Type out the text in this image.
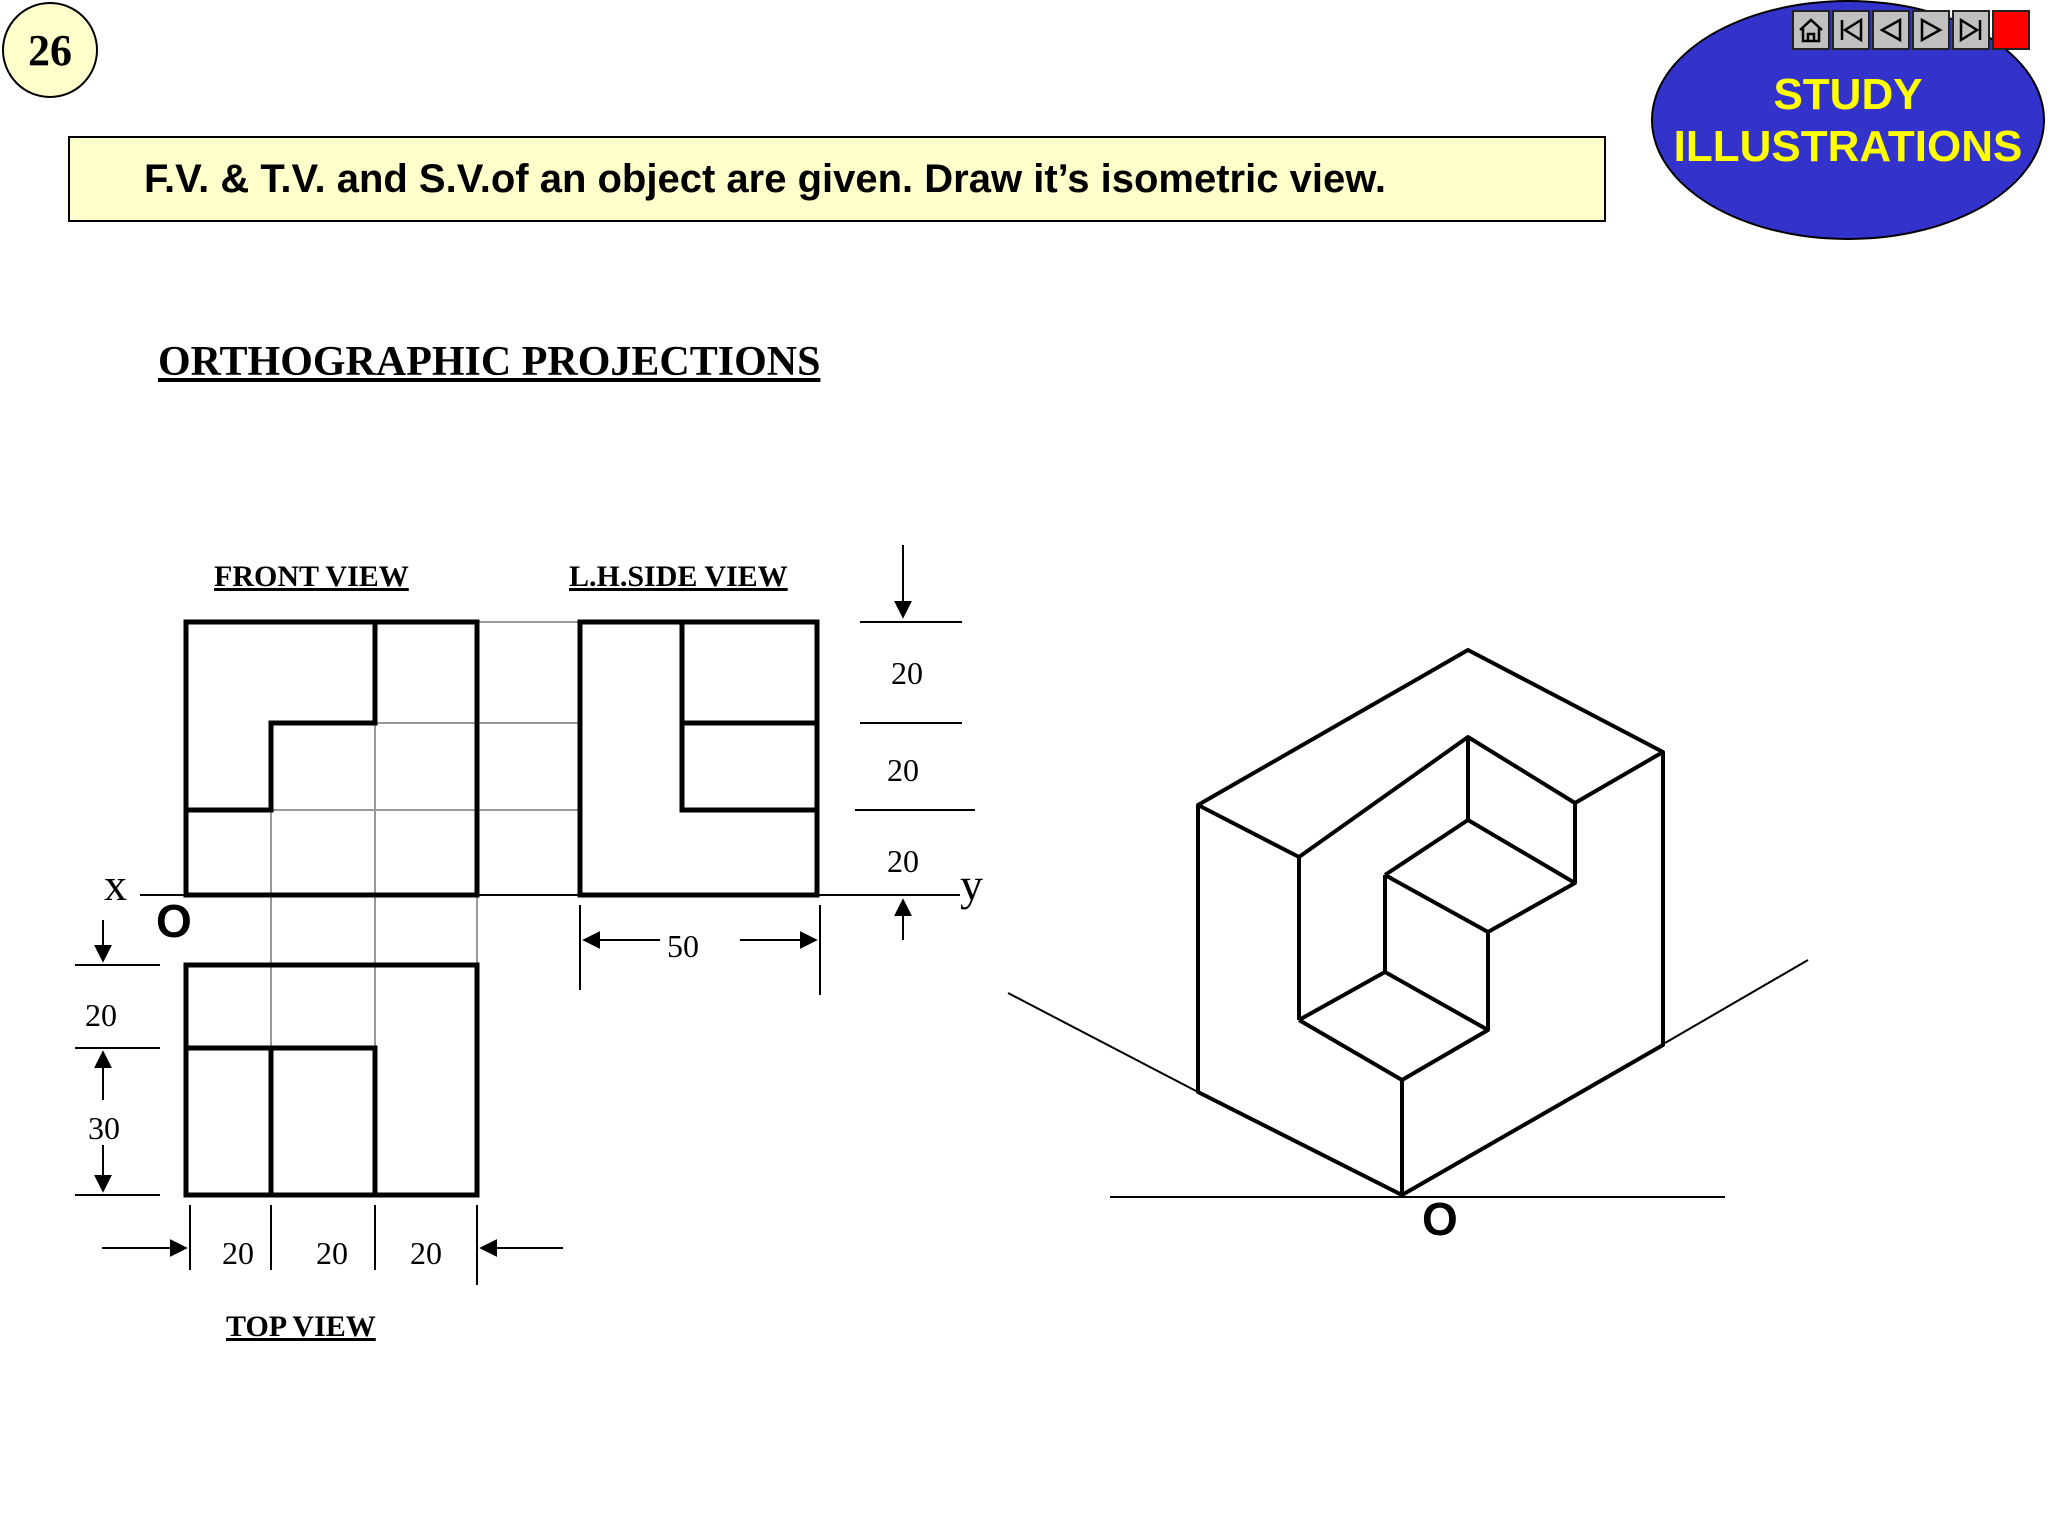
26
F.V. & T.V. and S.V.of an object are given. Draw it’s isometric view.
STUDY
ILLUSTRATIONS
ORTHOGRAPHIC PROJECTIONS
FRONT VIEW	L.H.SIDE VIEW
TOP VIEW
20
20
20
50
20
30
20 20 20
x	y
O
O
